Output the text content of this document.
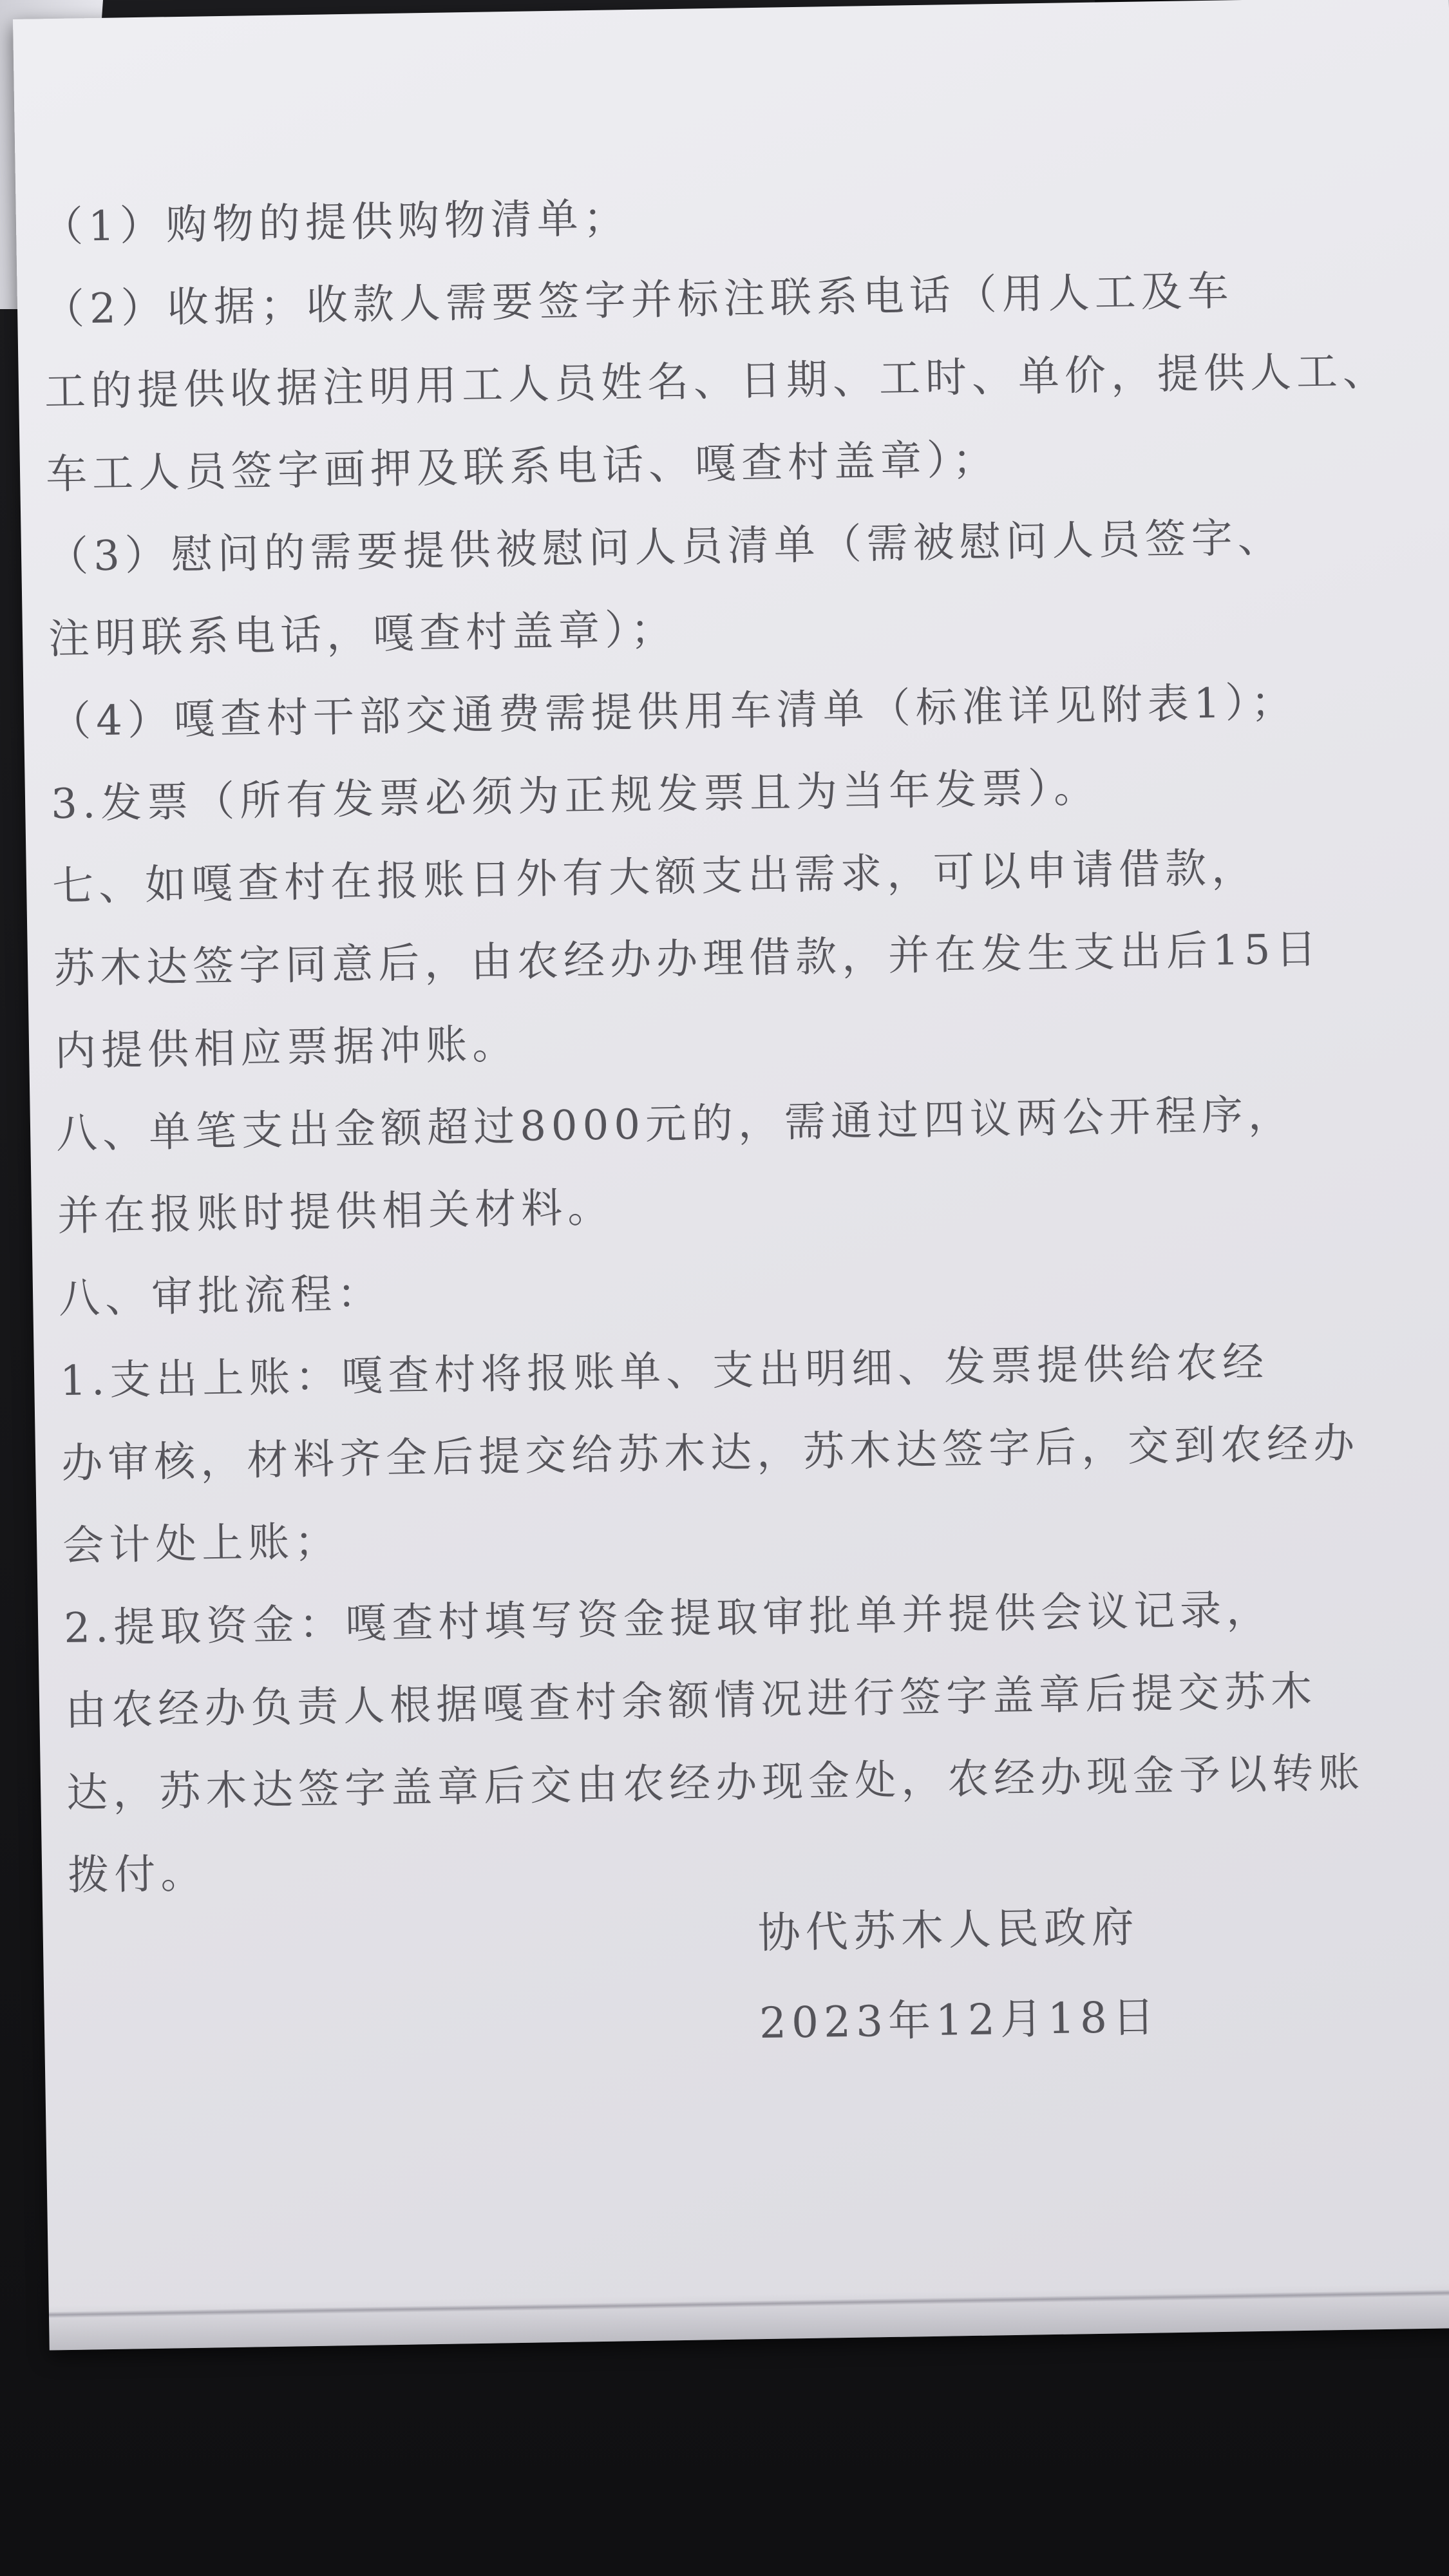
（1）购物的提供购物清单；
（2）收据；收款人需要签字并标注联系电话（用人工及车
工的提供收据注明用工人员姓名、日期、工时、单价，提供人工、
车工人员签字画押及联系电话、嘎查村盖章）；
（3）慰问的需要提供被慰问人员清单（需被慰问人员签字、
注明联系电话，嘎查村盖章）；
（4）嘎查村干部交通费需提供用车清单（标准详见附表1）；
3.发票（所有发票必须为正规发票且为当年发票）。
七、如嘎查村在报账日外有大额支出需求，可以申请借款，
苏木达签字同意后，由农经办办理借款，并在发生支出后15日
内提供相应票据冲账。
八、单笔支出金额超过8000元的，需通过四议两公开程序，
并在报账时提供相关材料。
八、审批流程：
1.支出上账：嘎查村将报账单、支出明细、发票提供给农经
办审核，材料齐全后提交给苏木达，苏木达签字后，交到农经办
会计处上账；
2.提取资金：嘎查村填写资金提取审批单并提供会议记录，
由农经办负责人根据嘎查村余额情况进行签字盖章后提交苏木
达，苏木达签字盖章后交由农经办现金处，农经办现金予以转账
拨付。
协代苏木人民政府
2023年12月18日
